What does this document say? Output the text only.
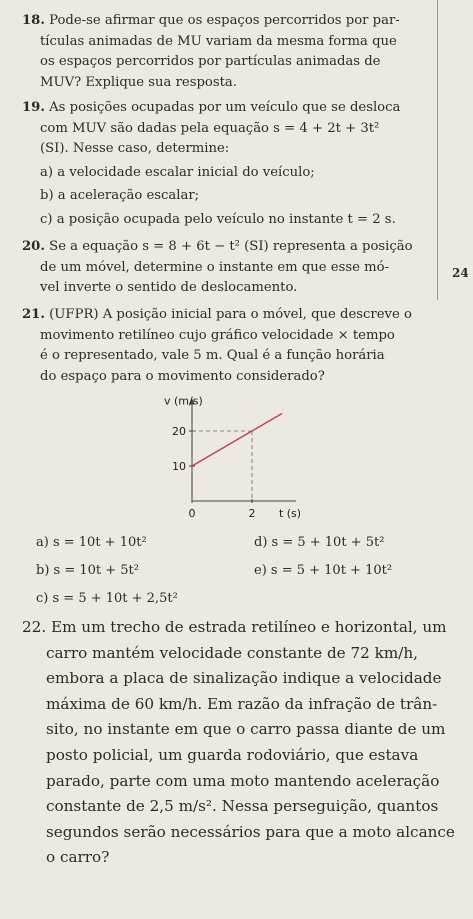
18. Pode-se afirmar que os espaços percorridos por par-
tículas animadas de MU variam da mesma forma que
os espaços percorridos por partículas animadas de
MUV? Explique sua resposta.
19. As posições ocupadas por um veículo que se desloca
com MUV são dadas pela equação s = 4 + 2t + 3t²
(SI). Nesse caso, determine:
a) a velocidade escalar inicial do veículo;
b) a aceleração escalar;
c) a posição ocupada pelo veículo no instante t = 2 s.
20. Se a equação s = 8 + 6t − t² (SI) representa a posição
de um móvel, determine o instante em que esse mó-
vel inverte o sentido de deslocamento.
21. (UFPR) A posição inicial para o móvel, que descreve o
movimento retilíneo cujo gráfico velocidade × tempo
é o representado, vale 5 m. Qual é a função horária
do espaço para o movimento considerado?
v (m/s)
t (s)
0	2
10
20
a) s = 10t + 10t²	d) s = 5 + 10t + 5t²
b) s = 10t + 5t²	e) s = 5 + 10t + 10t²
c) s = 5 + 10t + 2,5t²
22. Em um trecho de estrada retilíneo e horizontal, um
carro mantém velocidade constante de 72 km/h,
embora a placa de sinalização indique a velocidade
máxima de 60 km/h. Em razão da infração de trân-
sito, no instante em que o carro passa diante de um
posto policial, um guarda rodoviário, que estava
parado, parte com uma moto mantendo aceleração
constante de 2,5 m/s². Nessa perseguição, quantos
segundos serão necessários para que a moto alcance
o carro?
24
